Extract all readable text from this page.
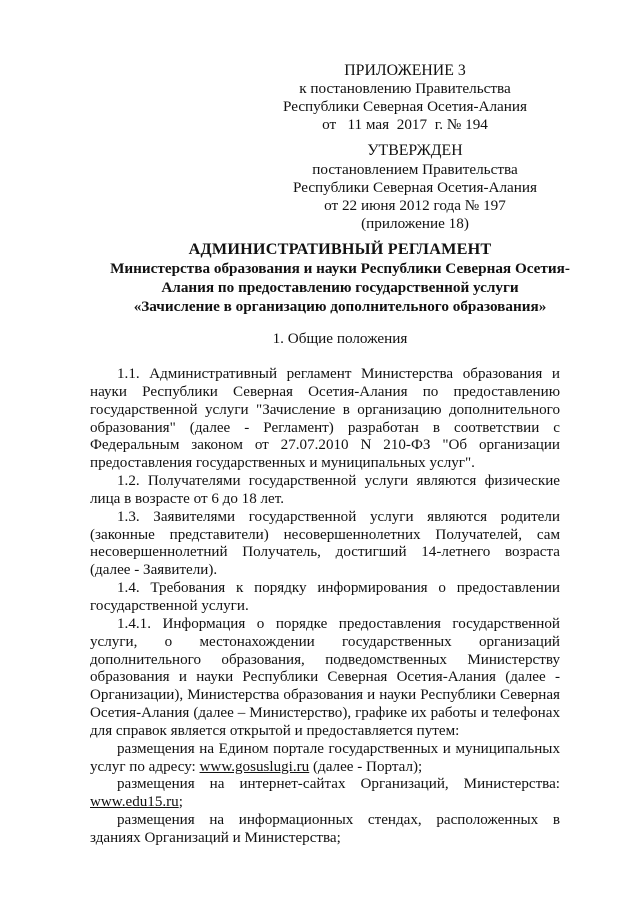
ПРИЛОЖЕНИЕ 3
к постановлению Правительства
Республики Северная Осетия-Алания
от   11 мая  2017  г. № 194
УТВЕРЖДЕН
постановлением Правительства
Республики Северная Осетия-Алания
от 22 июня 2012 года № 197
(приложение 18)
АДМИНИСТРАТИВНЫЙ РЕГЛАМЕНТ
Министерства образования и науки Республики Северная Осетия-
Алания по предоставлению государственной услуги
«Зачисление в организацию дополнительного образования»
1. Общие положения

1.1. Административный регламент Министерства образования и науки Республики Северная Осетия-Алания по предоставлению государственной услуги "Зачисление в организацию дополнительного образования" (далее - Регламент) разработан в соответствии с Федеральным законом от 27.07.2010 N 210-ФЗ "Об организации предоставления государственных и муниципальных услуг".

1.2. Получателями государственной услуги являются физические лица в возрасте от 6 до 18 лет.

1.3. Заявителями государственной услуги являются родители (законные представители) несовершеннолетних Получателей, сам несовершеннолетний Получатель, достигший 14-летнего возраста (далее - Заявители).

1.4. Требования к порядку информирования о предоставлении государственной услуги.

1.4.1. Информация о порядке предоставления государственной услуги, о местонахождении государственных организаций дополнительного образования, подведомственных Министерству образования и науки Республики Северная Осетия-Алания (далее - Организации), Министерства образования и науки Республики Северная Осетия-Алания (далее – Министерство), графике их работы и телефонах для справок является открытой и предоставляется путем:

размещения на Едином портале государственных и муниципальных услуг по адресу: www.gosuslugi.ru (далее - Портал);

размещения на интернет-сайтах Организаций, Министерства: www.edu15.ru;

размещения на информационных стендах, расположенных в зданиях Организаций и Министерства;
